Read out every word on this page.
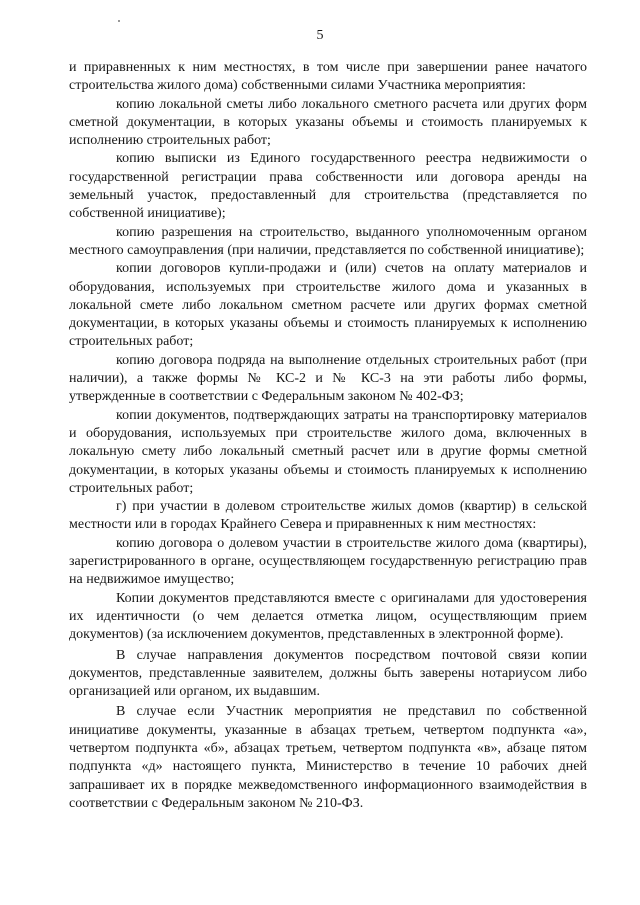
5

и приравненных к ним местностях, в том числе при завершении ранее начатого строительства жилого дома) собственными силами Участника мероприятия:

копию локальной сметы либо локального сметного расчета или других форм сметной документации, в которых указаны объемы и стоимость планируемых к исполнению строительных работ;

копию выписки из Единого государственного реестра недвижимости о государственной регистрации права собственности или договора аренды на земельный участок, предоставленный для строительства (представляется по собственной инициативе);

копию разрешения на строительство, выданного уполномоченным органом местного самоуправления (при наличии, представляется по собственной инициативе);

копии договоров купли-продажи и (или) счетов на оплату материалов и оборудования, используемых при строительстве жилого дома и указанных в локальной смете либо локальном сметном расчете или других формах сметной документации, в которых указаны объемы и стоимость планируемых к исполнению строительных работ;

копию договора подряда на выполнение отдельных строительных работ (при наличии), а также формы № КС-2 и № КС-3 на эти работы либо формы, утвержденные в соответствии с Федеральным законом № 402-ФЗ;

копии документов, подтверждающих затраты на транспортировку материалов и оборудования, используемых при строительстве жилого дома, включенных в локальную смету либо локальный сметный расчет или в другие формы сметной документации, в которых указаны объемы и стоимость планируемых к исполнению строительных работ;

г) при участии в долевом строительстве жилых домов (квартир) в сельской местности или в городах Крайнего Севера и приравненных к ним местностях:

копию договора о долевом участии в строительстве жилого дома (квартиры), зарегистрированного в органе, осуществляющем государственную регистрацию прав на недвижимое имущество;

Копии документов представляются вместе с оригиналами для удостоверения их идентичности (о чем делается отметка лицом, осуществляющим прием документов) (за исключением документов, представленных в электронной форме).

В случае направления документов посредством почтовой связи копии документов, представленные заявителем, должны быть заверены нотариусом либо организацией или органом, их выдавшим.

В случае если Участник мероприятия не представил по собственной инициативе документы, указанные в абзацах третьем, четвертом подпункта «а», четвертом подпункта «б», абзацах третьем, четвертом подпункта «в», абзаце пятом подпункта «д» настоящего пункта, Министерство в течение 10 рабочих дней запрашивает их в порядке межведомственного информационного взаимодействия в соответствии с Федеральным законом № 210-ФЗ.
